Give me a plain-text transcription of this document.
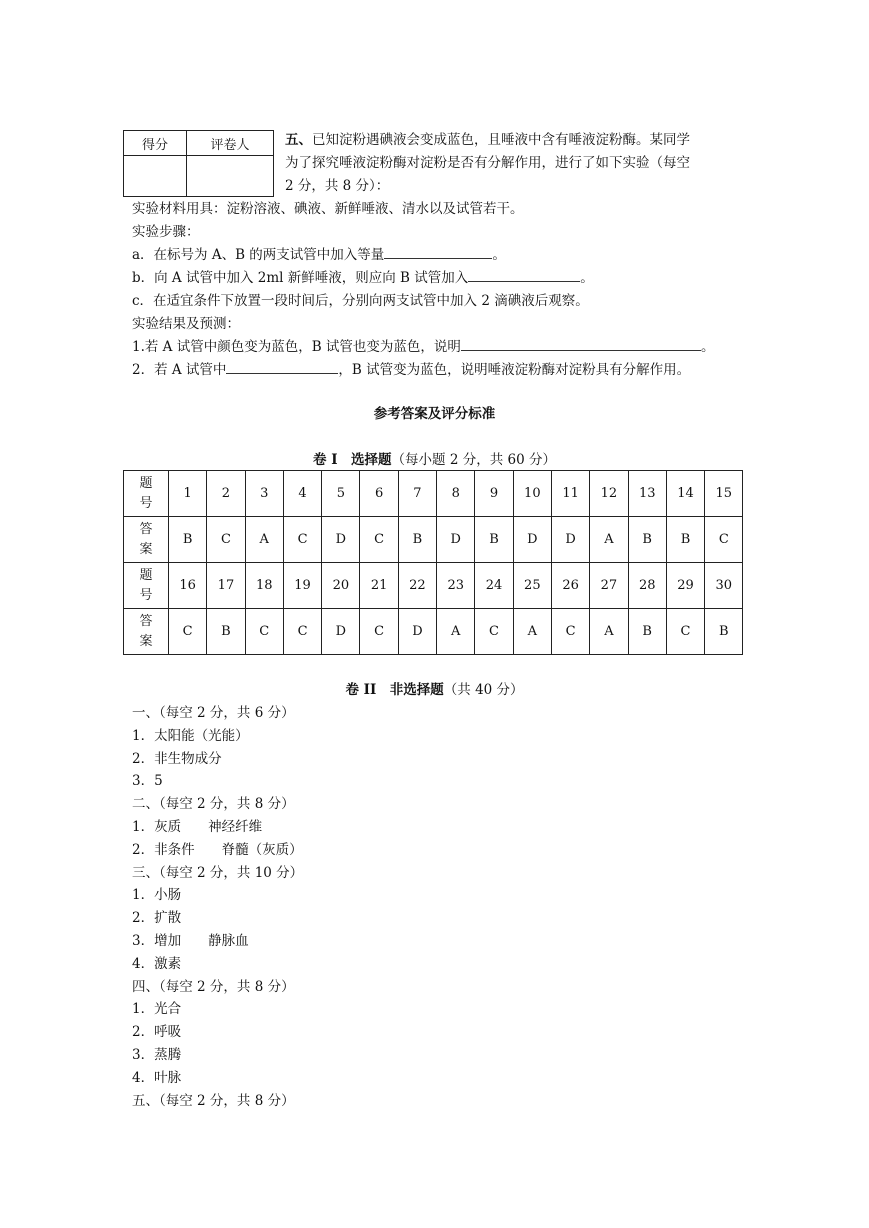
得分	评卷人
		五、已知淀粉遇碘液会变成蓝色，且唾液中含有唾液淀粉酶。某同学
为了探究唾液淀粉酶对淀粉是否有分解作用，进行了如下实验（每空
2 分，共 8 分）：
实验材料用具：淀粉溶液、碘液、新鲜唾液、清水以及试管若干。
实验步骤：
a．在标号为 A、B 的两支试管中加入等量	。
b．向 A 试管中加入 2ml 新鲜唾液，则应向 B 试管加入	。
c．在适宜条件下放置一段时间后，分别向两支试管中加入 2 滴碘液后观察。
实验结果及预测：
1.若 A 试管中颜色变为蓝色，B 试管也变为蓝色，说明	。
2．若 A 试管中	，B 试管变为蓝色，说明唾液淀粉酶对淀粉具有分解作用。
参考答案及评分标准
卷 I　选择题（每小题 2 分，共 60 分）
题
号	1	2	3	4	5	6	7	8	9	10	11	12	13	14	15

答
案	B	C	A	C	D	C	B	D	B	D	D	A	B	B	C

题
号	16	17	18	19	20	21	22	23	24	25	26	27	28	29	30

答
案	C	B	C	C	D	C	D	A	C	A	C	A	B	C	B
卷 II　非选择题（共 40 分）
一、（每空 2 分，共 6 分）
1．太阳能（光能）
2．非生物成分
3．5
二、（每空 2 分，共 8 分）
1．灰质　　神经纤维
2．非条件　　脊髓（灰质）
三、（每空 2 分，共 10 分）
1．小肠
2．扩散
3．增加　　静脉血
4．激素
四、（每空 2 分，共 8 分）
1．光合
2．呼吸
3．蒸腾
4．叶脉
五、（每空 2 分，共 8 分）
